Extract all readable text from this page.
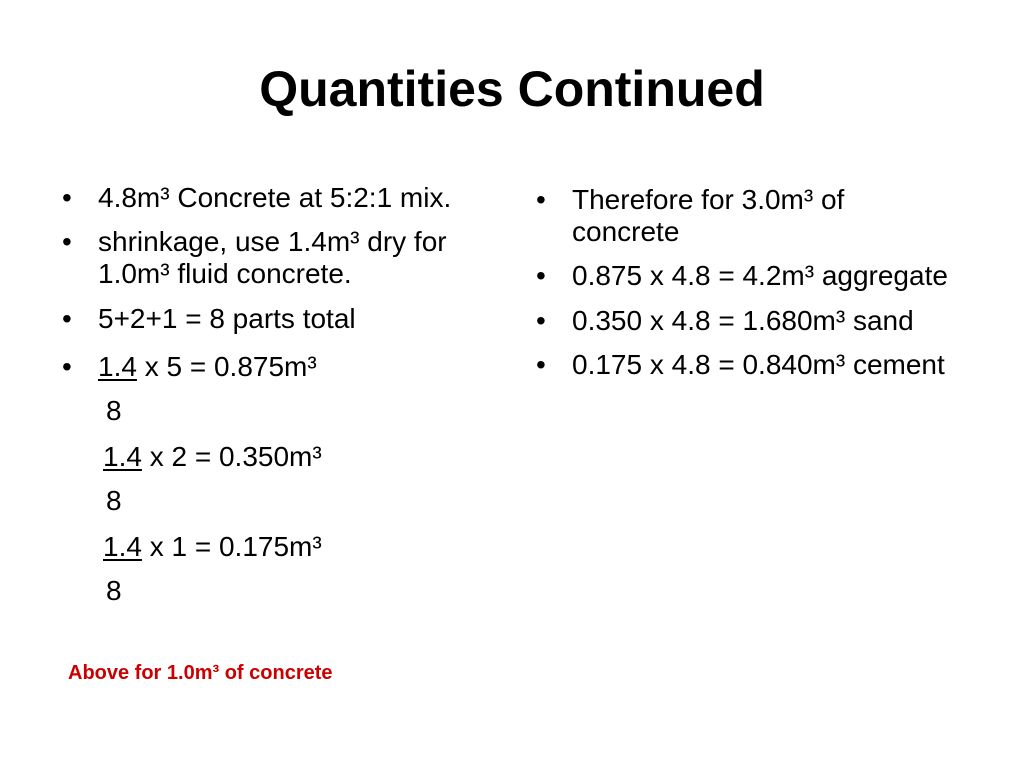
Quantities Continued
• 4.8m³ Concrete at 5:2:1 mix.
• shrinkage, use 1.4m³ dry for 1.0m³ fluid concrete.
• 5+2+1 = 8 parts total
• 1.4 x 5 = 0.875m³
8
1.4 x 2 = 0.350m³
8
1.4 x 1 = 0.175m³
8
Above for 1.0m³ of concrete
• Therefore for 3.0m³ of concrete
• 0.875 x 4.8 = 4.2m³ aggregate
• 0.350 x 4.8 = 1.680m³ sand
• 0.175 x 4.8 = 0.840m³ cement
